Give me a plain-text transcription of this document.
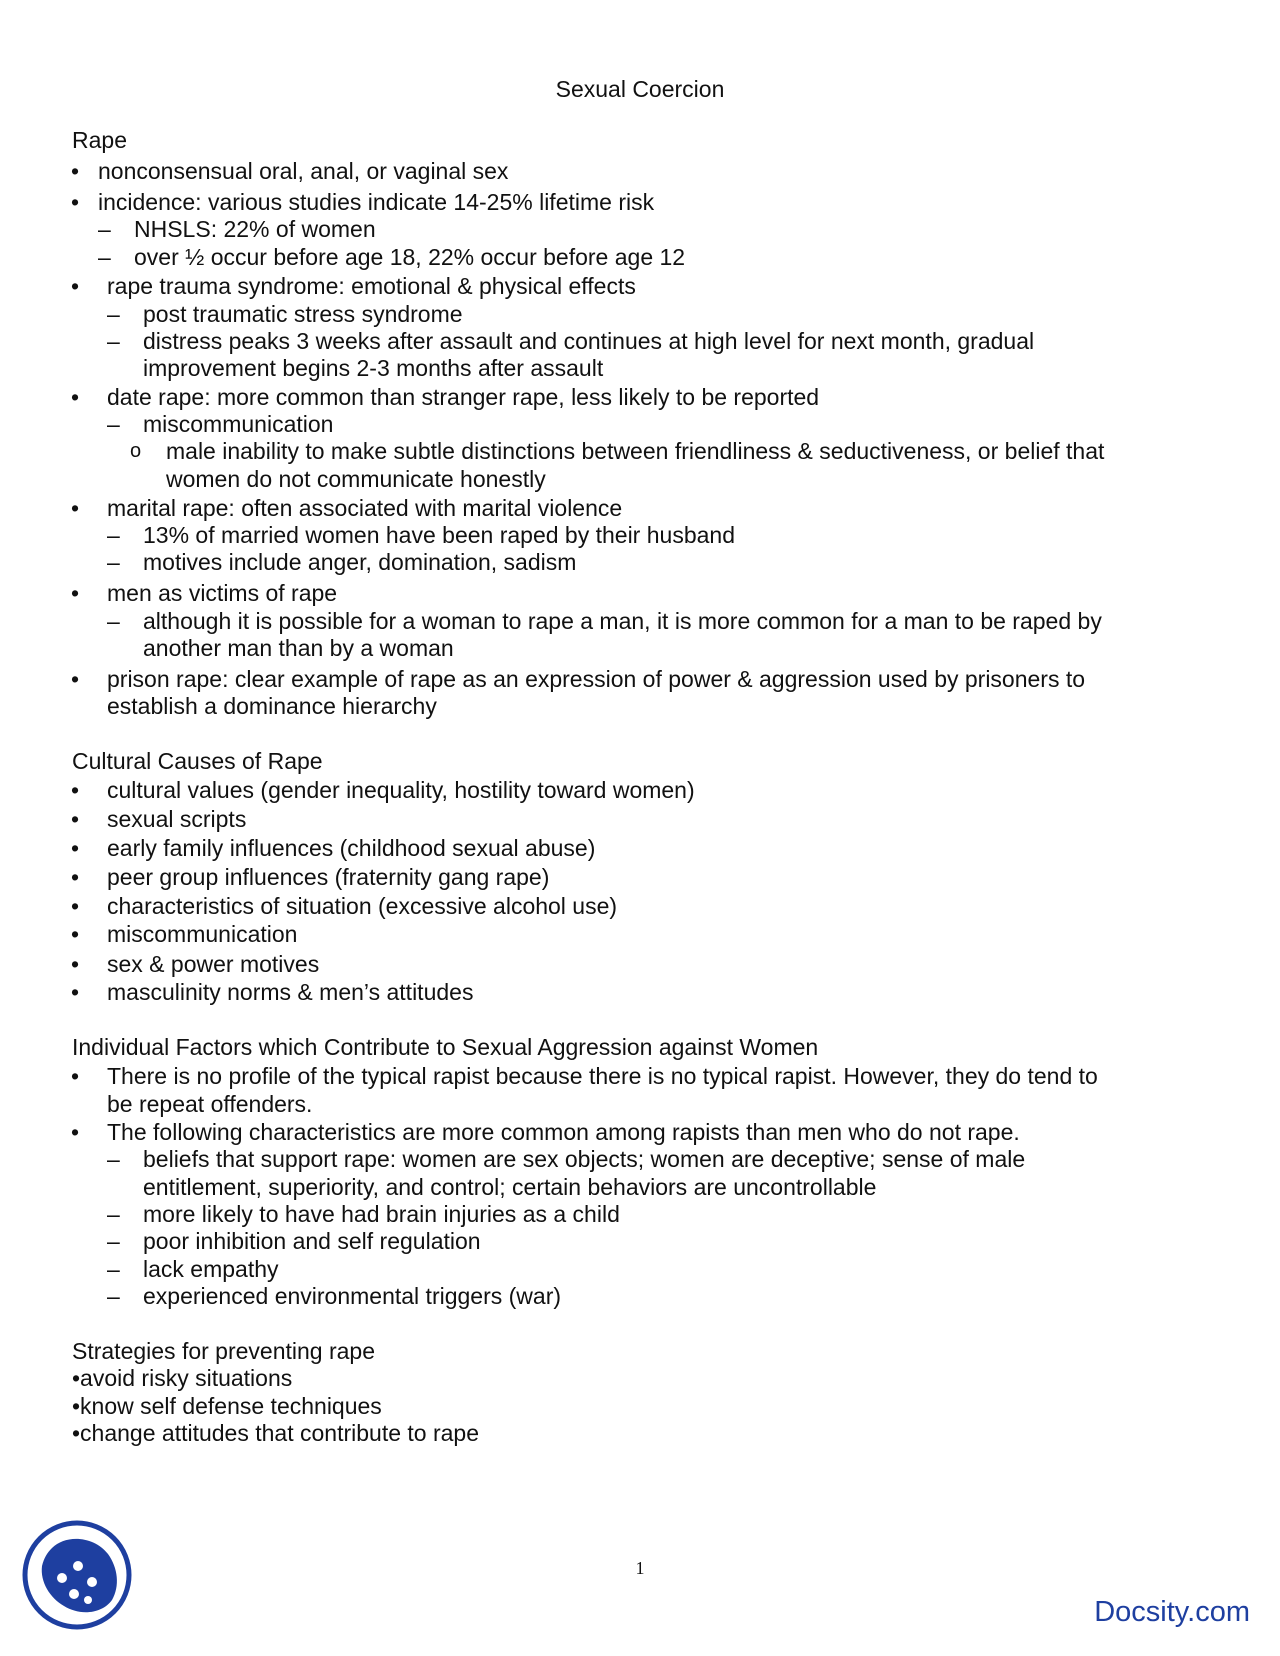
Sexual Coercion
Rape
• nonconsensual oral, anal, or vaginal sex
• incidence: various studies indicate 14-25% lifetime risk
– NHSLS: 22% of women
– over ½ occur before age 18, 22% occur before age 12
• rape trauma syndrome: emotional & physical effects
– post traumatic stress syndrome
– distress peaks 3 weeks after assault and continues at high level for next month, gradual
improvement begins 2-3 months after assault
• date rape: more common than stranger rape, less likely to be reported
– miscommunication
o male inability to make subtle distinctions between friendliness & seductiveness, or belief that
women do not communicate honestly
• marital rape: often associated with marital violence
– 13% of married women have been raped by their husband
– motives include anger, domination, sadism
• men as victims of rape
– although it is possible for a woman to rape a man, it is more common for a man to be raped by
another man than by a woman
• prison rape: clear example of rape as an expression of power & aggression used by prisoners to
establish a dominance hierarchy
Cultural Causes of Rape
• cultural values (gender inequality, hostility toward women)
• sexual scripts
• early family influences (childhood sexual abuse)
• peer group influences (fraternity gang rape)
• characteristics of situation (excessive alcohol use)
• miscommunication
• sex & power motives
• masculinity norms & men’s attitudes
Individual Factors which Contribute to Sexual Aggression against Women
• There is no profile of the typical rapist because there is no typical rapist. However, they do tend to
be repeat offenders.
• The following characteristics are more common among rapists than men who do not rape.
– beliefs that support rape: women are sex objects; women are deceptive; sense of male
entitlement, superiority, and control; certain behaviors are uncontrollable
– more likely to have had brain injuries as a child
– poor inhibition and self regulation
– lack empathy
– experienced environmental triggers (war)
Strategies for preventing rape
•avoid risky situations
•know self defense techniques
•change attitudes that contribute to rape
1
Docsity.com
